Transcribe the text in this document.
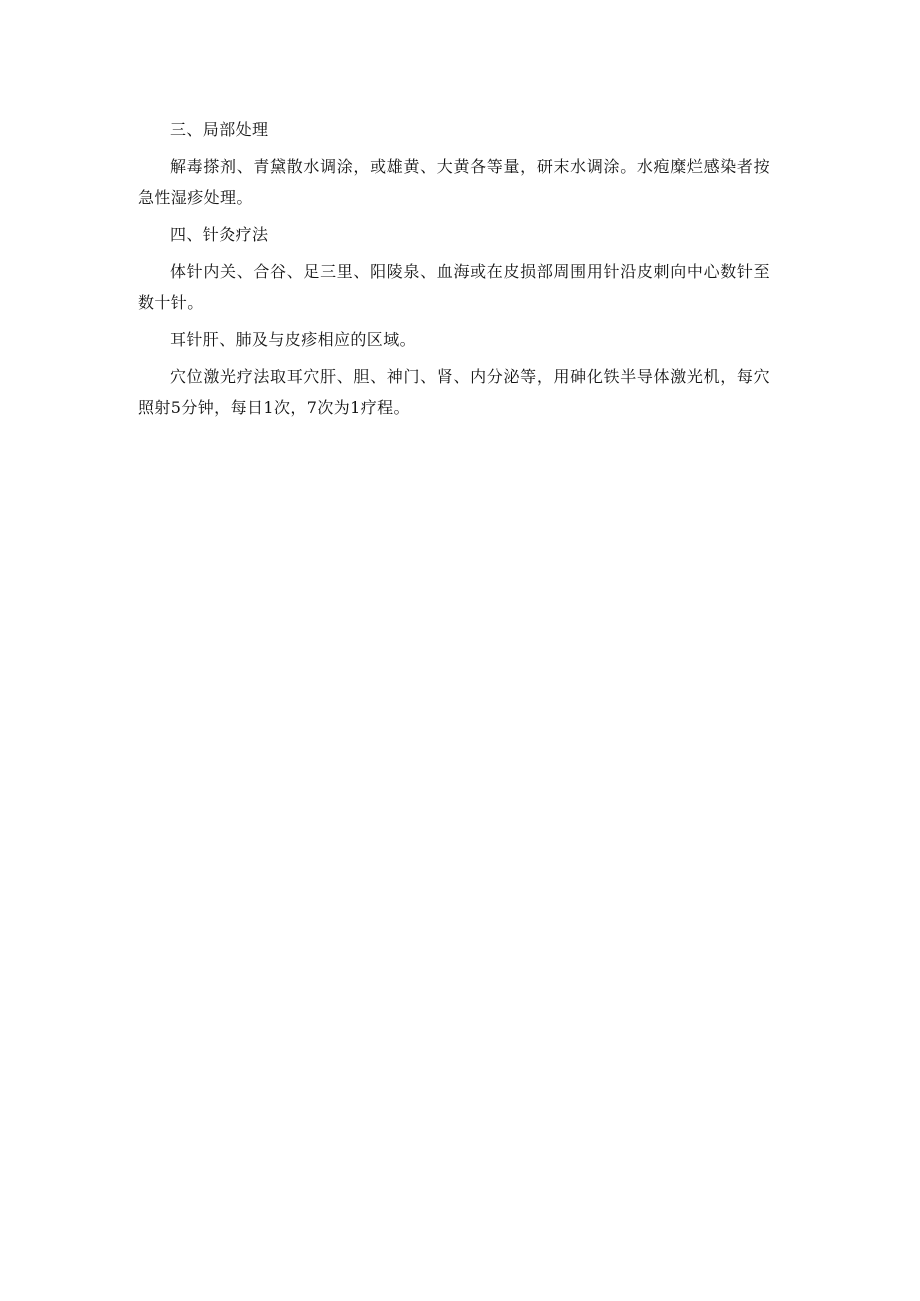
三、局部处理

解毒搽剂、青黛散水调涂，或雄黄、大黄各等量，研末水调涂。水疱糜烂感染者按急性湿疹处理。

四、针灸疗法

体针内关、合谷、足三里、阳陵泉、血海或在皮损部周围用针沿皮刺向中心数针至数十针。

耳针肝、肺及与皮疹相应的区域。

穴位激光疗法取耳穴肝、胆、神门、肾、内分泌等，用砷化铁半导体激光机，每穴照射5分钟，每日1次，7次为1疗程。
